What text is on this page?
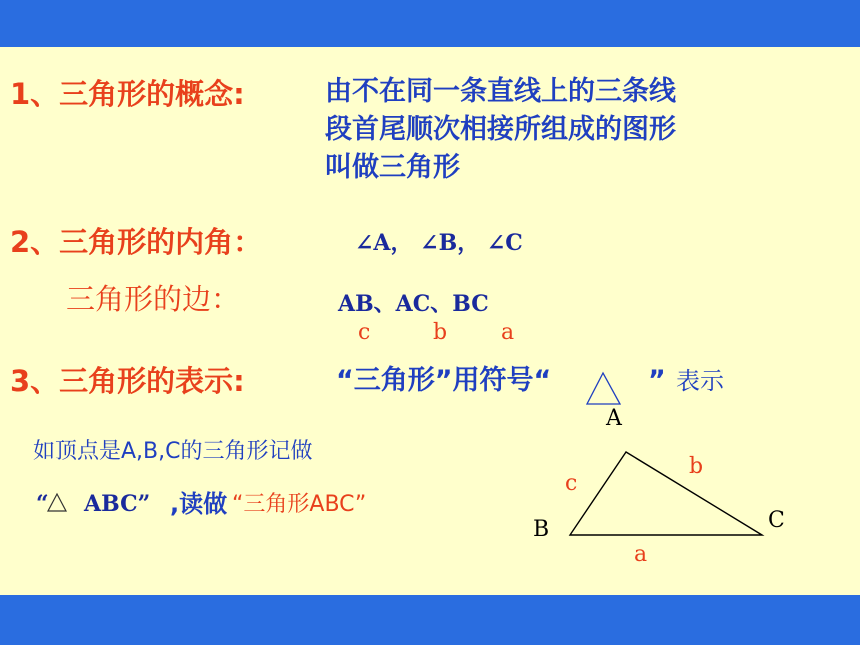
1、三角形的概念:	由不在同一条直线上的三条线
段首尾顺次相接所组成的图形
叫做三角形
2、三角形的内角：	∠A， ∠B， ∠C
三角形的边：	AB、AC、BC
c	b a
3、三角形的表示:	“三角形”用符号“	” 表示
如顶点是A,B,C的三角形记做
“ ABC” ,读做 “三角形ABC”
A
B	C
c
b
a
